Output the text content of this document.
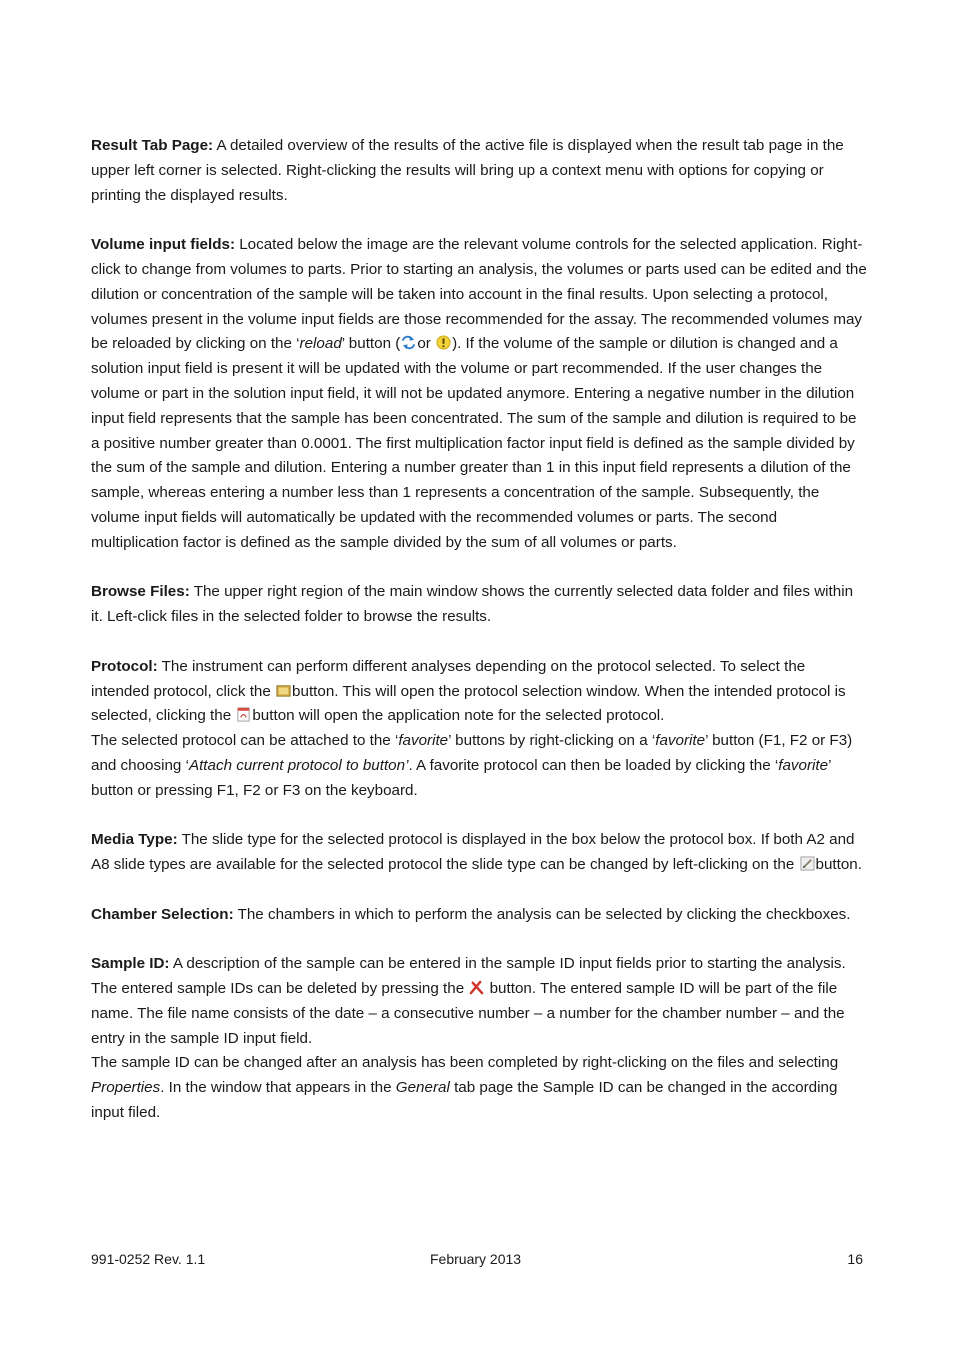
Result Tab Page: A detailed overview of the results of the active file is displayed when the result tab page in the upper left corner is selected. Right-clicking the results will bring up a context menu with options for copying or printing the displayed results.

Volume input fields: Located below the image are the relevant volume controls for the selected application. Right-click to change from volumes to parts. Prior to starting an analysis, the volumes or parts used can be edited and the dilution or concentration of the sample will be taken into account in the final results. Upon selecting a protocol, volumes present in the volume input fields are those recommended for the assay. The recommended volumes may be reloaded by clicking on the ‘reload’ button ( or ). If the volume of the sample or dilution is changed and a solution input field is present it will be updated with the volume or part recommended. If the user changes the volume or part in the solution input field, it will not be updated anymore. Entering a negative number in the dilution input field represents that the sample has been concentrated. The sum of the sample and dilution is required to be a positive number greater than 0.0001. The first multiplication factor input field is defined as the sample divided by the sum of the sample and dilution. Entering a number greater than 1 in this input field represents a dilution of the sample, whereas entering a number less than 1 represents a concentration of the sample. Subsequently, the volume input fields will automatically be updated with the recommended volumes or parts. The second multiplication factor is defined as the sample divided by the sum of all volumes or parts.

Browse Files: The upper right region of the main window shows the currently selected data folder and files within it. Left-click files in the selected folder to browse the results.

Protocol: The instrument can perform different analyses depending on the protocol selected. To select the intended protocol, click the button. This will open the protocol selection window. When the intended protocol is selected, clicking the button will open the application note for the selected protocol.

The selected protocol can be attached to the ‘favorite’ buttons by right-clicking on a ‘favorite’ button (F1, F2 or F3) and choosing ‘Attach current protocol to button’. A favorite protocol can then be loaded by clicking the ‘favorite’ button or pressing F1, F2 or F3 on the keyboard.

Media Type: The slide type for the selected protocol is displayed in the box below the protocol box. If both A2 and A8 slide types are available for the selected protocol the slide type can be changed by left-clicking on the button.

Chamber Selection: The chambers in which to perform the analysis can be selected by clicking the checkboxes.

Sample ID: A description of the sample can be entered in the sample ID input fields prior to starting the analysis. The entered sample IDs can be deleted by pressing the  button. The entered sample ID will be part of the file name. The file name consists of the date – a consecutive number – a number for the chamber number – and the entry in the sample ID input field.

The sample ID can be changed after an analysis has been completed by right-clicking on the files and selecting Properties. In the window that appears in the General tab page the Sample ID can be changed in the according input filed.

991-0252 Rev. 1.1	February 2013	16
